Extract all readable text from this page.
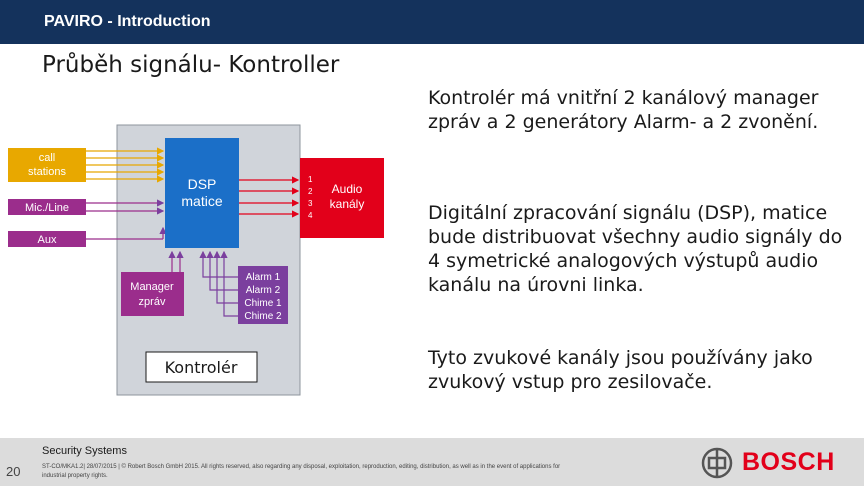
PAVIRO - Introduction
Průběh signálu- Kontroller
call
stations
Mic./Line
Aux
DSP
matice
1
2
3
4
Audio
kanály
Manager
zpráv
Alarm 1
Alarm 2
Chime 1
Chime 2
Kontrolér
Kontrolér má vnitřní 2 kanálový manager zpráv a 2 generátory Alarm- a 2 zvonění.
Digitální zpracování signálu (DSP), matice bude distribuovat všechny audio signály do 4 symetrické analogových výstupů audio kanálu na úrovni linka.
Tyto zvukové kanály jsou používány jako zvukový vstup pro zesilovače.
Security Systems
ST-CO/MKA1.2| 28/07/2015 | © Robert Bosch GmbH 2015. All rights reserved, also regarding any disposal, exploitation, reproduction, editing, distribution, as well as in the event of applications for industrial property rights.
20	BOSCH
